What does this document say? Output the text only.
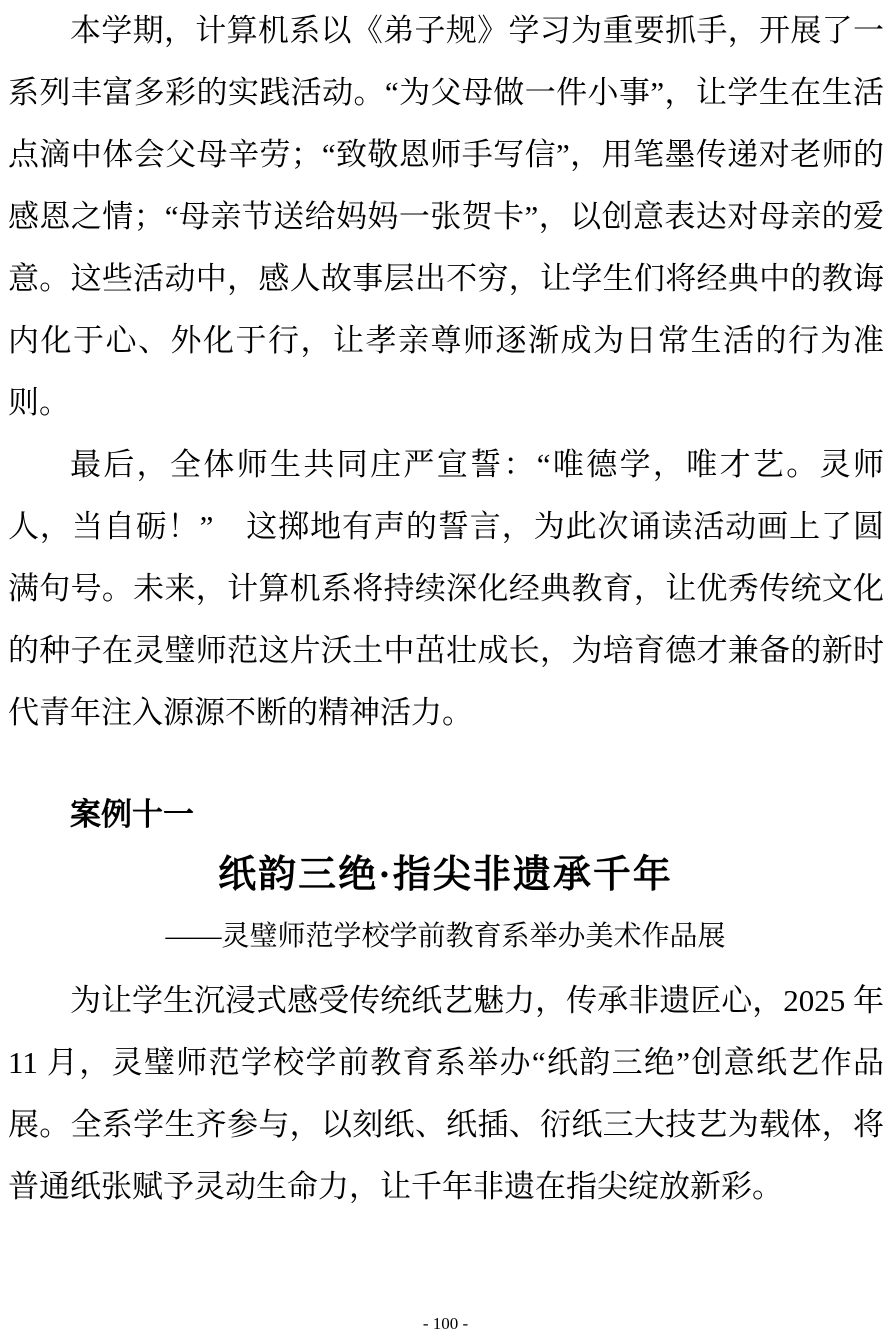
本学期，计算机系以《弟子规》学习为重要抓手，开展了一系列丰富多彩的实践活动。“为父母做一件小事”，让学生在生活点滴中体会父母辛劳；“致敬恩师手写信”，用笔墨传递对老师的感恩之情；“母亲节送给妈妈一张贺卡”，以创意表达对母亲的爱意。这些活动中，感人故事层出不穷，让学生们将经典中的教诲内化于心、外化于行，让孝亲尊师逐渐成为日常生活的行为准则。

最后，全体师生共同庄严宣誓：“唯德学，唯才艺。灵师人，当自砺！”　这掷地有声的誓言，为此次诵读活动画上了圆满句号。未来，计算机系将持续深化经典教育，让优秀传统文化的种子在灵璧师范这片沃土中茁壮成长，为培育德才兼备的新时代青年注入源源不断的精神活力。

案例十一
纸韵三绝·指尖非遗承千年
——灵璧师范学校学前教育系举办美术作品展

为让学生沉浸式感受传统纸艺魅力，传承非遗匠心，2025 年 11 月，灵璧师范学校学前教育系举办“纸韵三绝”创意纸艺作品展。全系学生齐参与，以刻纸、纸插、衍纸三大技艺为载体，将普通纸张赋予灵动生命力，让千年非遗在指尖绽放新彩。

- 100 -
